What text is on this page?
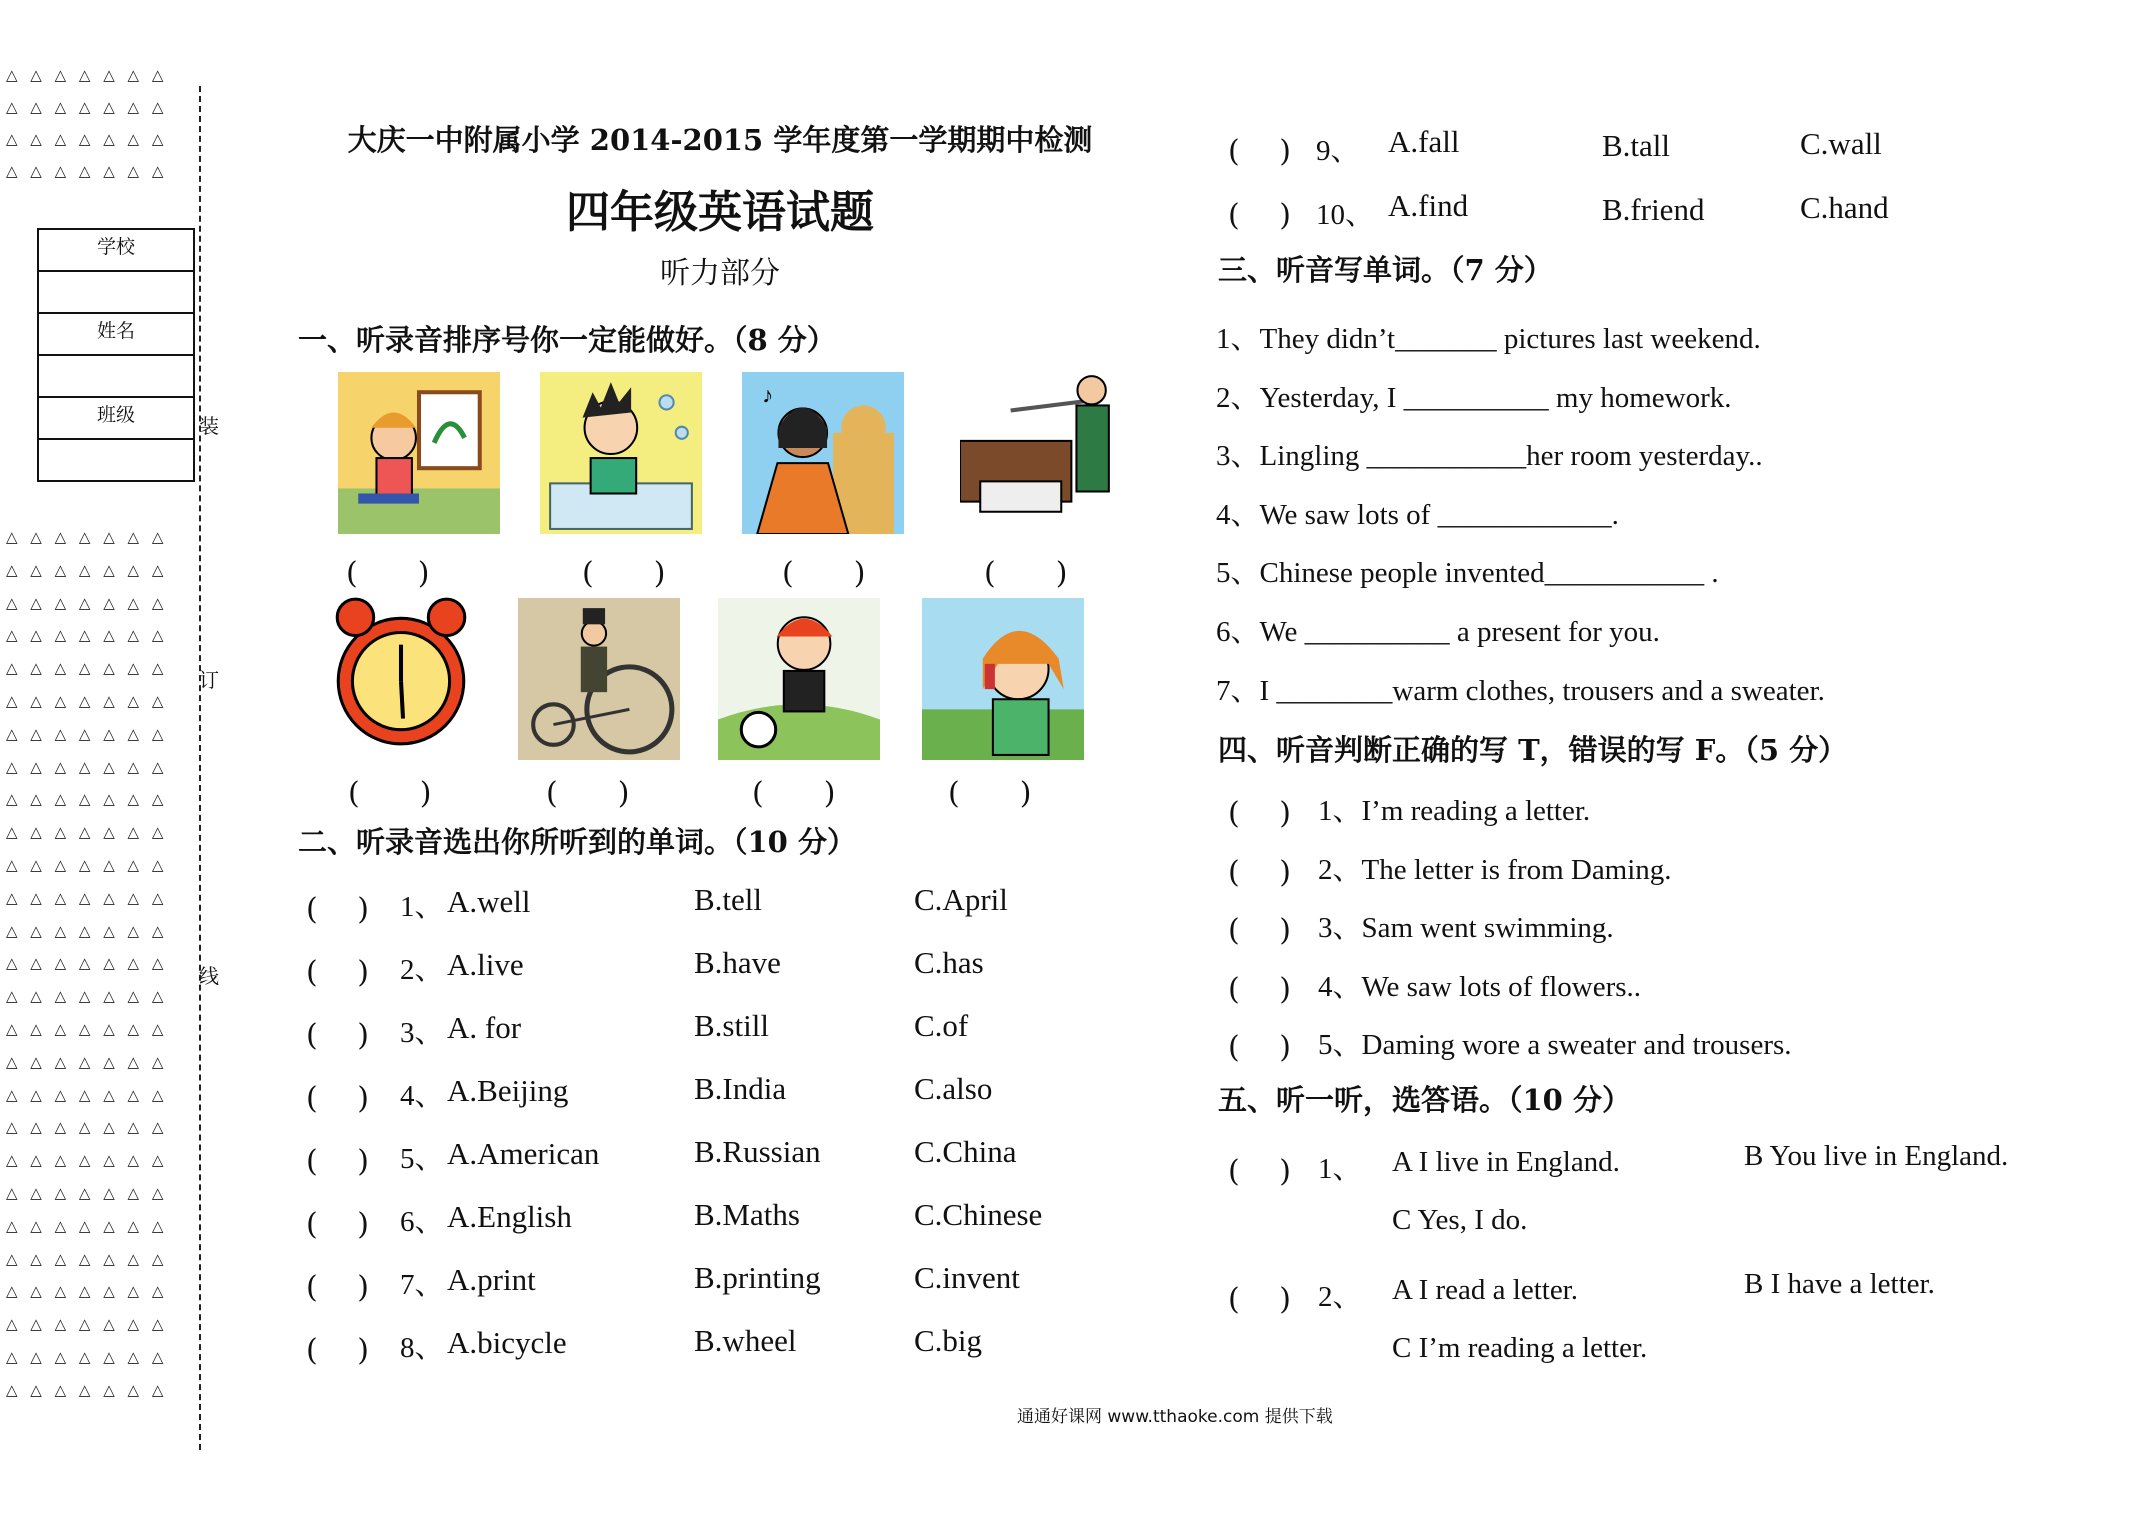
△ △ △ △ △ △ △
△ △ △ △ △ △ △
△ △ △ △ △ △ △
△ △ △ △ △ △ △
△ △ △ △ △ △ △
△ △ △ △ △ △ △
△ △ △ △ △ △ △
△ △ △ △ △ △ △
△ △ △ △ △ △ △
△ △ △ △ △ △ △
△ △ △ △ △ △ △
△ △ △ △ △ △ △
△ △ △ △ △ △ △
△ △ △ △ △ △ △
△ △ △ △ △ △ △
△ △ △ △ △ △ △
△ △ △ △ △ △ △
△ △ △ △ △ △ △
△ △ △ △ △ △ △
△ △ △ △ △ △ △
△ △ △ △ △ △ △
△ △ △ △ △ △ △
△ △ △ △ △ △ △
△ △ △ △ △ △ △
△ △ △ △ △ △ △
△ △ △ △ △ △ △
△ △ △ △ △ △ △
△ △ △ △ △ △ △
△ △ △ △ △ △ △
△ △ △ △ △ △ △
△ △ △ △ △ △ △
学校
姓名
班级	装
订
线
大庆一中附属小学 2014-2015 学年度第一学期期中检测
四年级英语试题
听力部分
一、听录音排序号你一定能做好。（8 分）
♪
(　　)	(　　)	(　　)	(　　)
(　　)	(　　)	(　　)	(　　)
二、听录音选出你所听到的单词。（10 分）
(　 ) 1、 A.well	B.tell	C.April
(　 ) 2、 A.live	B.have	C.has
(　 ) 3、 A. for	B.still	C.of
(　 ) 4、 A.Beijing	B.India	C.also
(　 ) 5、 A.American	B.Russian	C.China
(　 ) 6、 A.English	B.Maths	C.Chinese
(　 ) 7、 A.print	B.printing	C.invent
(　 ) 8、 A.bicycle	B.wheel	C.big
(　 ) 9、 A.fall	B.tall	C.wall
(　 ) 10、 A.find	B.friend	C.hand
三、听音写单词。（7 分）
1、They didn’t_______ pictures last weekend.
2、Yesterday, I __________ my homework.
3、Lingling ___________her room yesterday..
4、We saw lots of ____________.
5、Chinese people invented___________ .
6、We __________ a present for you.
7、I ________warm clothes, trousers and a sweater.
四、听音判断正确的写 T，错误的写 F。（5 分）
(　 ) 1、I’m reading a letter.
(　 ) 2、The letter is from Daming.
(　 ) 3、Sam went swimming.
(　 ) 4、We saw lots of flowers..
(　 ) 5、Daming wore a sweater and trousers.
五、听一听，选答语。（10 分）
(　 ) 1、 A I live in England.	B You live in England.
C Yes, I do.
(　 ) 2、 A I read a letter.	B I have a letter.
C I’m reading a letter.
通通好课网 www.tthaoke.com 提供下载
